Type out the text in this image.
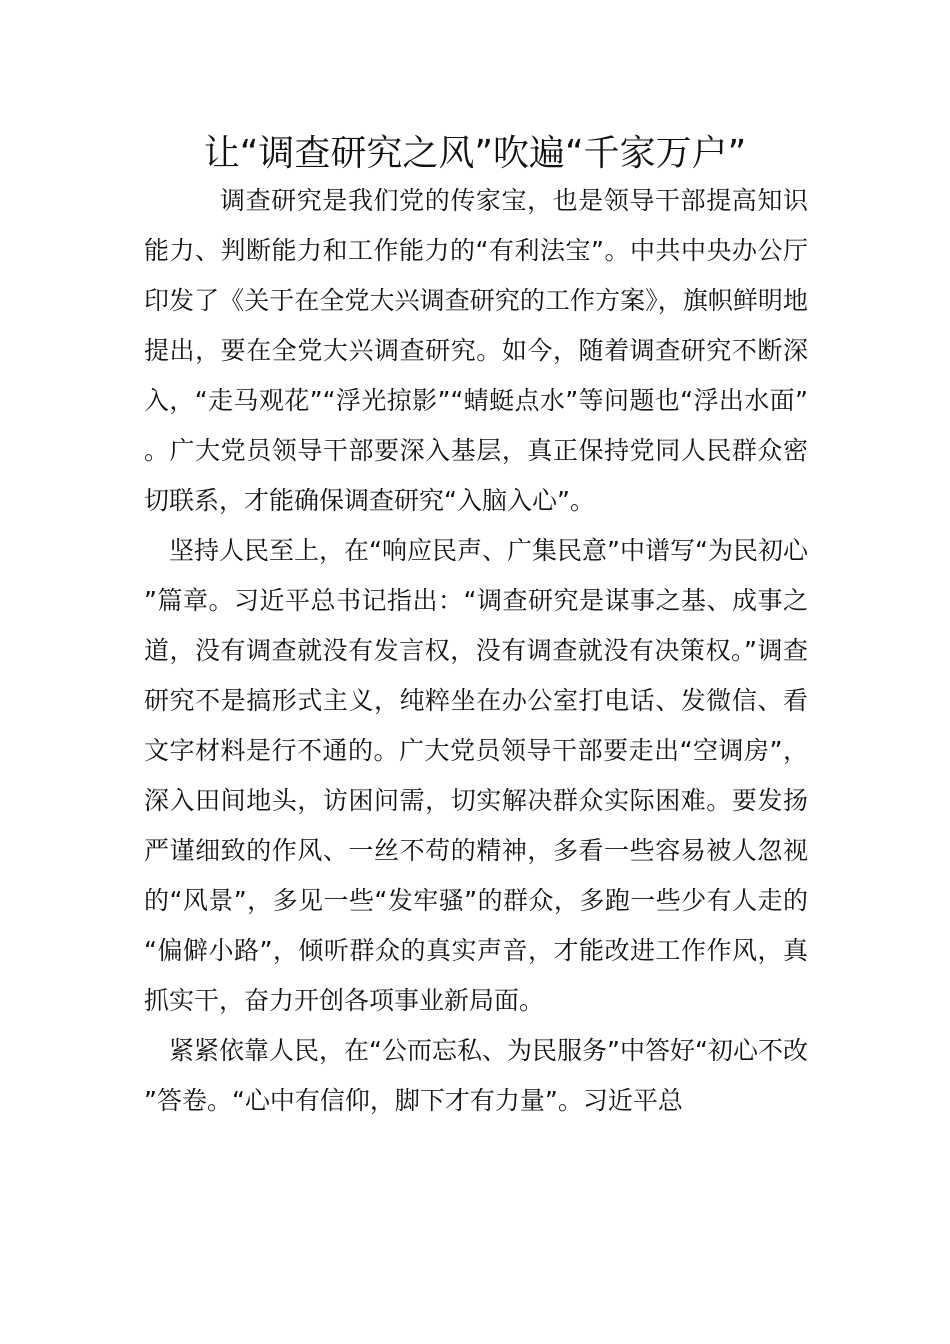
让“调查研究之风”吹遍“千家万户”

调查研究是我们党的传家宝，也是领导干部提高知识能力、判断能力和工作能力的“有利法宝”。中共中央办公厅印发了《关于在全党大兴调查研究的工作方案》，旗帜鲜明地提出，要在全党大兴调查研究。如今，随着调查研究不断深入，“走马观花”“浮光掠影”“蜻蜓点水”等问题也“浮出水面”。广大党员领导干部要深入基层，真正保持党同人民群众密切联系，才能确保调查研究“入脑入心”。

坚持人民至上，在“响应民声、广集民意”中谱写“为民初心”篇章。习近平总书记指出：“调查研究是谋事之基、成事之道，没有调查就没有发言权，没有调查就没有决策权。”调查研究不是搞形式主义，纯粹坐在办公室打电话、发微信、看文字材料是行不通的。广大党员领导干部要走出“空调房”，深入田间地头，访困问需，切实解决群众实际困难。要发扬严谨细致的作风、一丝不苟的精神，多看一些容易被人忽视的“风景”，多见一些“发牢骚”的群众，多跑一些少有人走的“偏僻小路”，倾听群众的真实声音，才能改进工作作风，真抓实干，奋力开创各项事业新局面。

紧紧依靠人民，在“公而忘私、为民服务”中答好“初心不改”答卷。“心中有信仰，脚下才有力量”。习近平总
